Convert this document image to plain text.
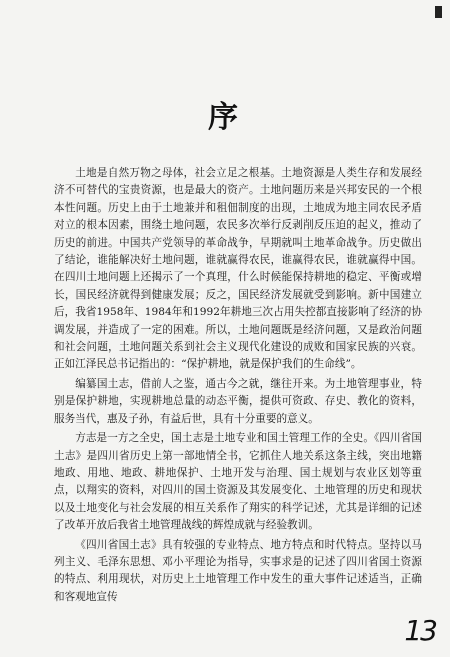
序

土地是自然万物之母体，社会立足之根基。土地资源是人类生存和发展经济不可替代的宝贵资源，也是最大的资产。土地问题历来是兴邦安民的一个根本性问题。历史上由于土地兼并和租佃制度的出现，土地成为地主同农民矛盾对立的根本因素，围绕土地问题，农民多次举行反剥削反压迫的起义，推动了历史的前进。中国共产党领导的革命战争，早期就叫土地革命战争。历史做出了结论，谁能解决好土地问题，谁就赢得农民，谁赢得农民，谁就赢得中国。在四川土地问题上还揭示了一个真理，什么时候能保持耕地的稳定、平衡或增长，国民经济就得到健康发展；反之，国民经济发展就受到影响。新中国建立后，我省1958年、1984年和1992年耕地三次占用失控都直接影响了经济的协调发展，并造成了一定的困难。所以，土地问题既是经济问题，又是政治问题和社会问题，土地问题关系到社会主义现代化建设的成败和国家民族的兴衰。正如江泽民总书记指出的：“保护耕地，就是保护我们的生命线”。

编纂国土志，借前人之鉴，通古今之就，继往开来。为土地管理事业，特别是保护耕地，实现耕地总量的动态平衡，提供可资政、存史、教化的资料，服务当代，惠及子孙，有益后世，具有十分重要的意义。

方志是一方之全史，国土志是土地专业和国土管理工作的全史。《四川省国土志》是四川省历史上第一部地情全书，它抓住人地关系这条主线，突出地籍地政、用地、地政、耕地保护、土地开发与治理、国土规划与农业区划等重点，以翔实的资料，对四川的国土资源及其发展变化、土地管理的历史和现状以及土地变化与社会发展的相互关系作了翔实的科学记述，尤其是详细的记述了改革开放后我省土地管理战线的辉煌成就与经验教训。

《四川省国土志》具有较强的专业特点、地方特点和时代特点。坚持以马列主义、毛泽东思想、邓小平理论为指导，实事求是的记述了四川省国土资源的特点、利用现状，对历史上土地管理工作中发生的重大事件记述适当，正确和客观地宣传

13
